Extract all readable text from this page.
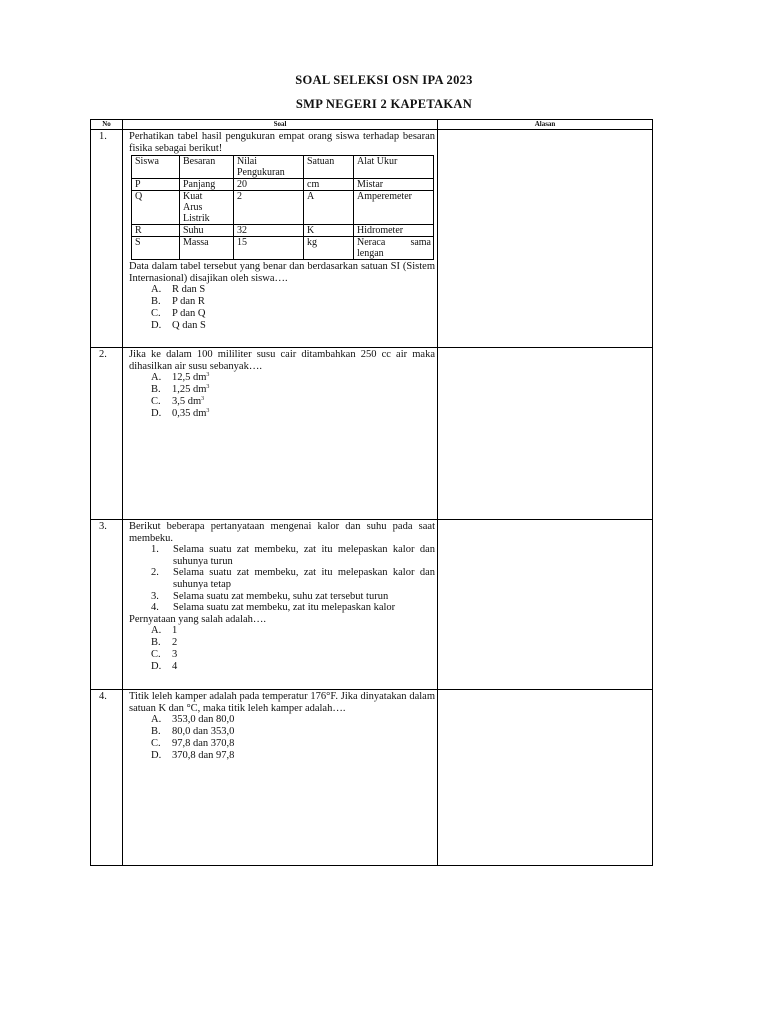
SOAL SELEKSI OSN IPA 2023
SMP NEGERI 2 KAPETAKAN
No	Soal	Alasan
1.	Perhatikan tabel hasil pengukuran empat orang siswa terhadap besaran fisika sebagai berikut!
Siswa	Besaran	Nilai Pengukuran	Satuan	Alat Ukur
P	Panjang	20	cm	Mistar
Q	Kuat Arus Listrik	2	A	Amperemeter
R	Suhu	32	K	Hidrometer
S	Massa	15	kg	Neraca sama lengan
Data dalam tabel tersebut yang benar dan berdasarkan satuan SI (Sistem Internasional) disajikan oleh siswa….
A. R dan S
B. P dan R
C. P dan Q
D. Q dan S

2.	Jika ke dalam 100 mililiter susu cair ditambahkan 250 cc air maka dihasilkan air susu sebanyak….
A. 12,5 $dm^3$
B. 1,25 $dm^3$
C. 3,5 $dm^3$
D. 0,35 $dm^3$

3.	Berikut beberapa pertanyataan mengenai kalor dan suhu pada saat membeku.
1.	Selama suatu zat membeku, zat itu melepaskan kalor dan suhunya turun
2.	Selama suatu zat membeku, zat itu melepaskan kalor dan suhunya tetap
3.	Selama suatu zat membeku, suhu zat tersebut turun
4.	Selama suatu zat membeku, zat itu melepaskan kalor
Pernyataan yang salah adalah….
A. 1
B. 2
C. 3
D. 4

4.	Titik leleh kamper adalah pada temperatur 176°F. Jika dinyatakan dalam satuan K dan °C, maka titik leleh kamper adalah….
A. 353,0 dan 80,0
B. 80,0 dan 353,0
C. 97,8 dan 370,8
D. 370,8 dan 97,8
